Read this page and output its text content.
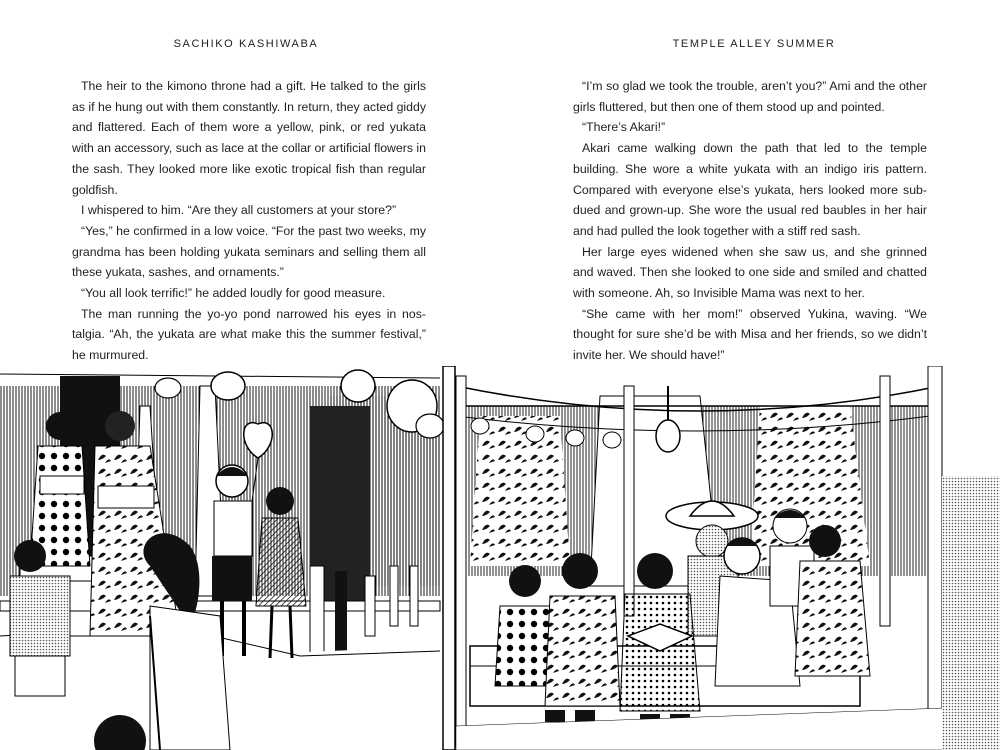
SACHIKO KASHIWABA

The heir to the kimono throne had a gift. He talked to the girls as if he hung out with them constantly. In return, they acted giddy and flattered. Each of them wore a yellow, pink, or red yukata with an accessory, such as lace at the collar or artificial flowers in the sash. They looked more like exotic tropical fish than regular goldfish.

I whispered to him. “Are they all customers at your store?”

“Yes,” he confirmed in a low voice. “For the past two weeks, my grandma has been holding yukata seminars and selling them all these yukata, sashes, and ornaments.”

“You all look terrific!” he added loudly for good measure.

The man running the yo-yo pond narrowed his eyes in nostalgia. “Ah, the yukata are what make this the summer festival,” he murmured.

TEMPLE ALLEY SUMMER

“I’m so glad we took the trouble, aren’t you?” Ami and the other girls fluttered, but then one of them stood up and pointed.

“There’s Akari!”

Akari came walking down the path that led to the temple building. She wore a white yukata with an indigo iris pattern. Compared with everyone else’s yukata, hers looked more subdued and grown-up. She wore the usual red baubles in her hair and had pulled the look together with a stiff red sash.

Her large eyes widened when she saw us, and she grinned and waved. Then she looked to one side and smiled and chatted with someone. Ah, so Invisible Mama was next to her.

“She came with her mom!” observed Yukina, waving. “We thought for sure she’d be with Misa and her friends, so we didn’t invite her. We should have!”
